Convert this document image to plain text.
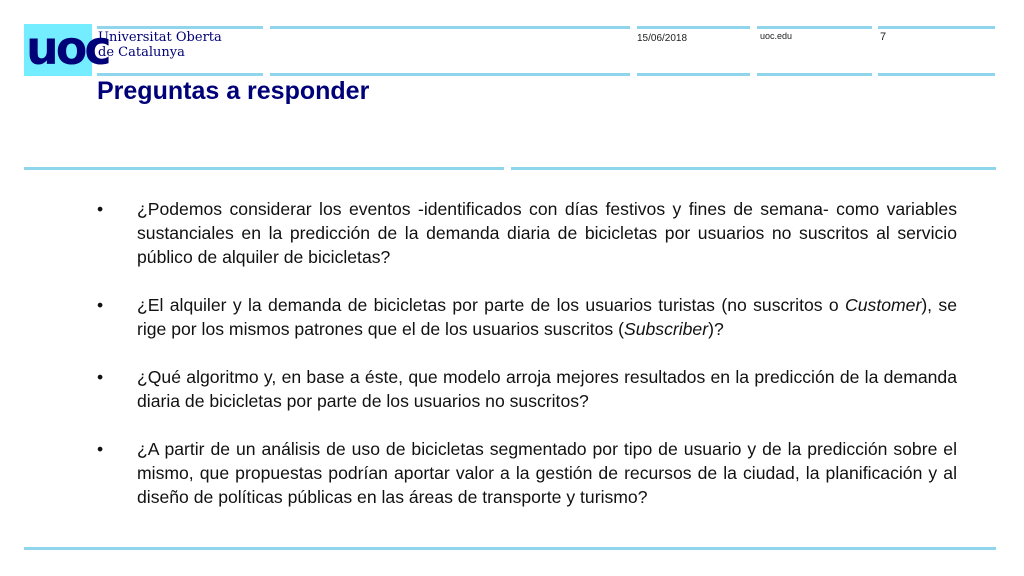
uoc
Universitat Oberta
de Catalunya
15/06/2018	uoc.edu	7
Preguntas a responder
• ¿Podemos considerar los eventos -identificados con días festivos y fines de semana- como variables sustanciales en la predicción de la demanda diaria de bicicletas por usuarios no suscritos al servicio público de alquiler de bicicletas?
• ¿El alquiler y la demanda de bicicletas por parte de los usuarios turistas (no suscritos o Customer), se rige por los mismos patrones que el de los usuarios suscritos (Subscriber)?
• ¿Qué algoritmo y, en base a éste, que modelo arroja mejores resultados en la predicción de la demanda diaria de bicicletas por parte de los usuarios no suscritos?
• ¿A partir de un análisis de uso de bicicletas segmentado por tipo de usuario y de la predicción sobre el mismo, que propuestas podrían aportar valor a la gestión de recursos de la ciudad, la planificación y al diseño de políticas públicas en las áreas de transporte y turismo?
